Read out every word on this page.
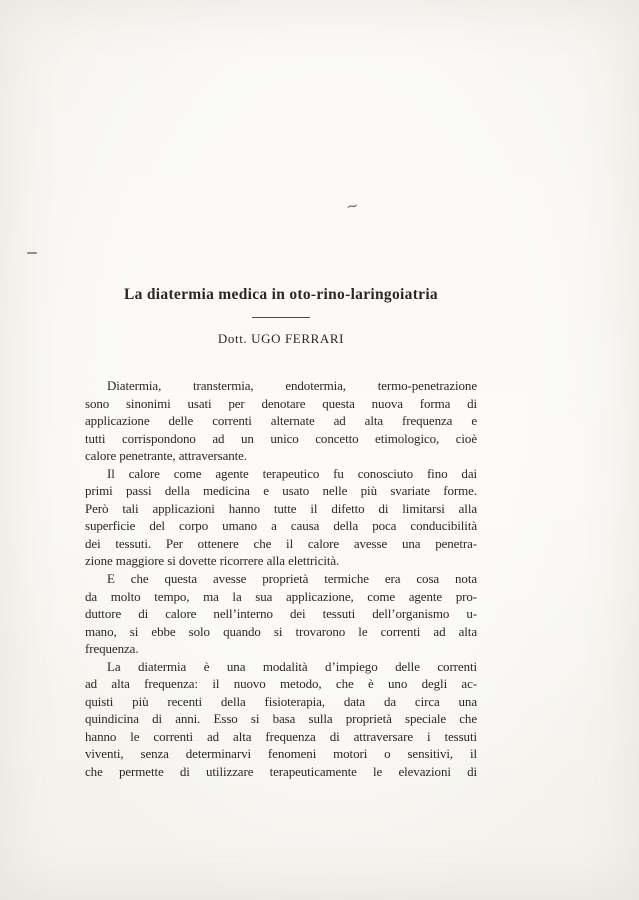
∼
La diatermia medica in oto-rino-laringoiatria
Dott. UGO FERRARI
Diatermia, transtermia, endotermia, termo-penetrazione
sono sinonimi usati per denotare questa nuova forma di
applicazione delle correnti alternate ad alta frequenza e
tutti corrispondono ad un unico concetto etimologico, cioè
calore penetrante, attraversante.
Il calore come agente terapeutico fu conosciuto fino dai
primi passi della medicina e usato nelle più svariate forme.
Però tali applicazioni hanno tutte il difetto di limitarsi alla
superficie del corpo umano a causa della poca conducibilità
dei tessuti. Per ottenere che il calore avesse una penetra-
zione maggiore si dovette ricorrere alla elettricità.
E che questa avesse proprietà termiche era cosa nota
da molto tempo, ma la sua applicazione, come agente pro-
duttore di calore nell’interno dei tessuti dell’organismo u-
mano, si ebbe solo quando si trovarono le correnti ad alta
frequenza.
La diatermia è una modalità d’impiego delle correnti
ad alta frequenza: il nuovo metodo, che è uno degli ac-
quisti più recenti della fisioterapia, data da circa una
quindicina di anni. Esso si basa sulla proprietà speciale che
hanno le correnti ad alta frequenza di attraversare i tessuti
viventi, senza determinarvi fenomeni motori o sensitivi, il
che permette di utilizzare terapeuticamente le elevazioni di
